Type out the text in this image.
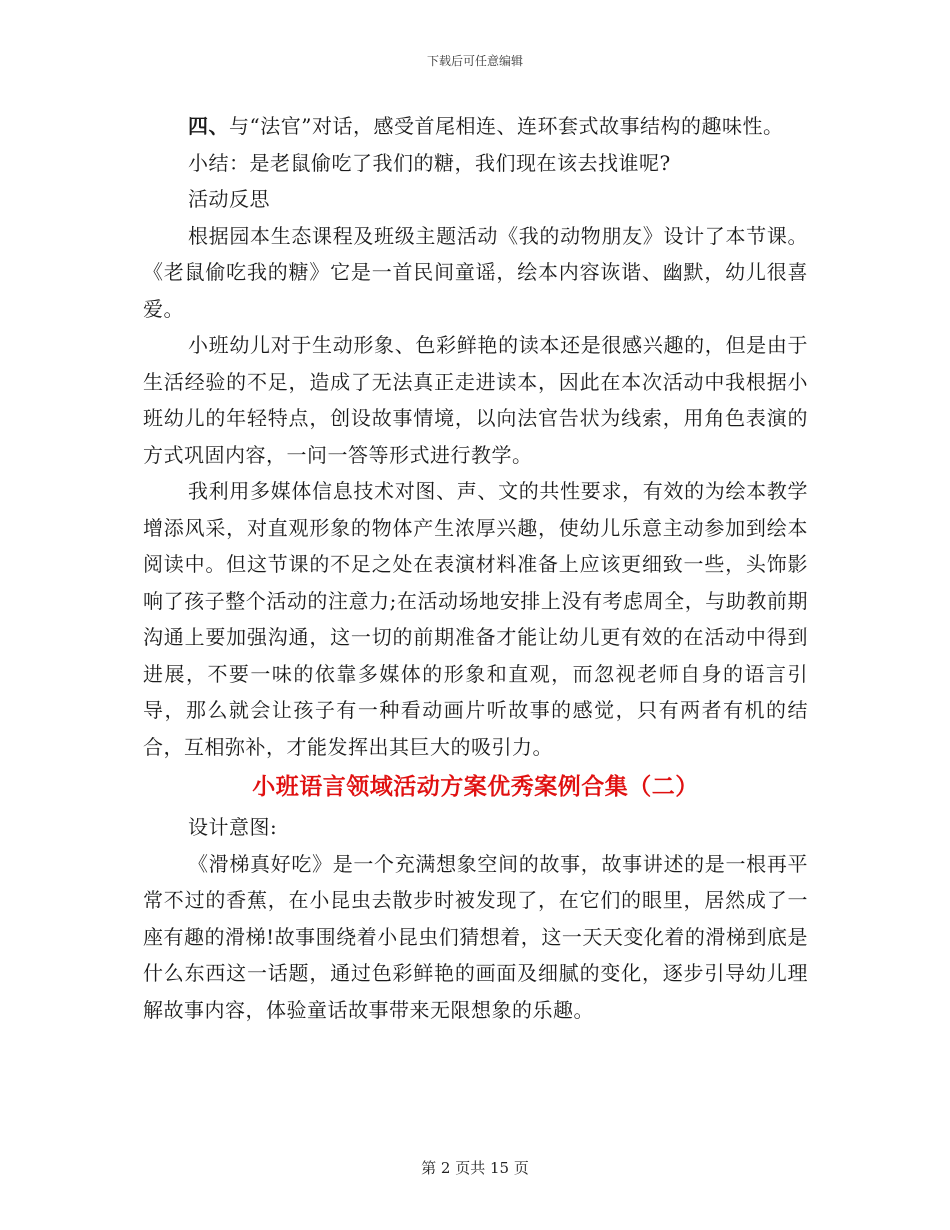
下载后可任意编辑

四、与“法官”对话，感受首尾相连、连环套式故事结构的趣味性。

小结：是老鼠偷吃了我们的糖，我们现在该去找谁呢?

活动反思

根据园本生态课程及班级主题活动《我的动物朋友》设计了本节课。《老鼠偷吃我的糖》它是一首民间童谣，绘本内容诙谐、幽默，幼儿很喜爱。

小班幼儿对于生动形象、色彩鲜艳的读本还是很感兴趣的，但是由于生活经验的不足，造成了无法真正走进读本，因此在本次活动中我根据小班幼儿的年轻特点，创设故事情境，以向法官告状为线索，用角色表演的方式巩固内容，一问一答等形式进行教学。

我利用多媒体信息技术对图、声、文的共性要求，有效的为绘本教学增添风采，对直观形象的物体产生浓厚兴趣，使幼儿乐意主动参加到绘本阅读中。但这节课的不足之处在表演材料准备上应该更细致一些，头饰影响了孩子整个活动的注意力;在活动场地安排上没有考虑周全，与助教前期沟通上要加强沟通，这一切的前期准备才能让幼儿更有效的在活动中得到进展，不要一味的依靠多媒体的形象和直观，而忽视老师自身的语言引导，那么就会让孩子有一种看动画片听故事的感觉，只有两者有机的结合，互相弥补，才能发挥出其巨大的吸引力。

小班语言领域活动方案优秀案例合集（二）

设计意图:

《滑梯真好吃》是一个充满想象空间的故事，故事讲述的是一根再平常不过的香蕉，在小昆虫去散步时被发现了，在它们的眼里，居然成了一座有趣的滑梯!故事围绕着小昆虫们猜想着，这一天天变化着的滑梯到底是什么东西这一话题，通过色彩鲜艳的画面及细腻的变化，逐步引导幼儿理解故事内容，体验童话故事带来无限想象的乐趣。

第 2 页共 15 页
